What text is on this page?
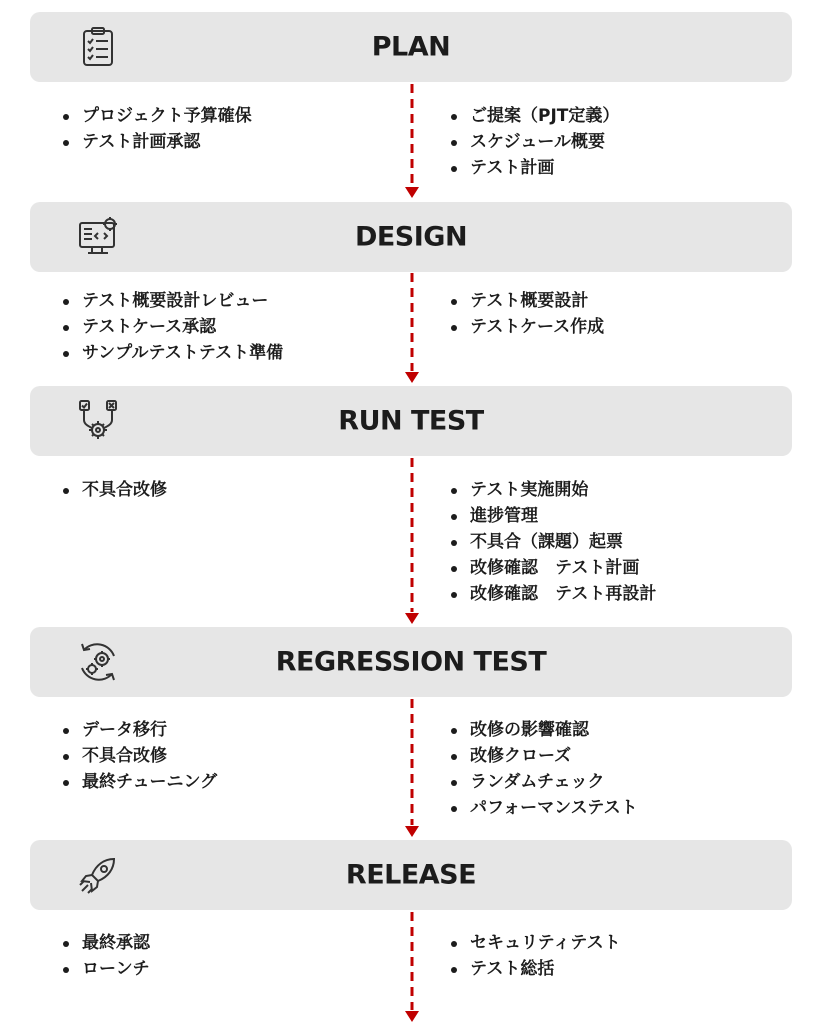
PLAN
プロジェクト予算確保
テスト計画承認
ご提案（PJT定義）
スケジュール概要
テスト計画
DESIGN
テスト概要設計レビュー
テストケース承認
サンプルテストテスト準備
テスト概要設計
テストケース作成
RUN TEST
不具合改修	テスト実施開始
進捗管理
不具合（課題）起票
改修確認　テスト計画
改修確認　テスト再設計
REGRESSION TEST
データ移行
不具合改修
最終チューニング
改修の影響確認
改修クローズ
ランダムチェック
パフォーマンステスト
RELEASE
最終承認
ローンチ
セキュリティテスト
テスト総括
